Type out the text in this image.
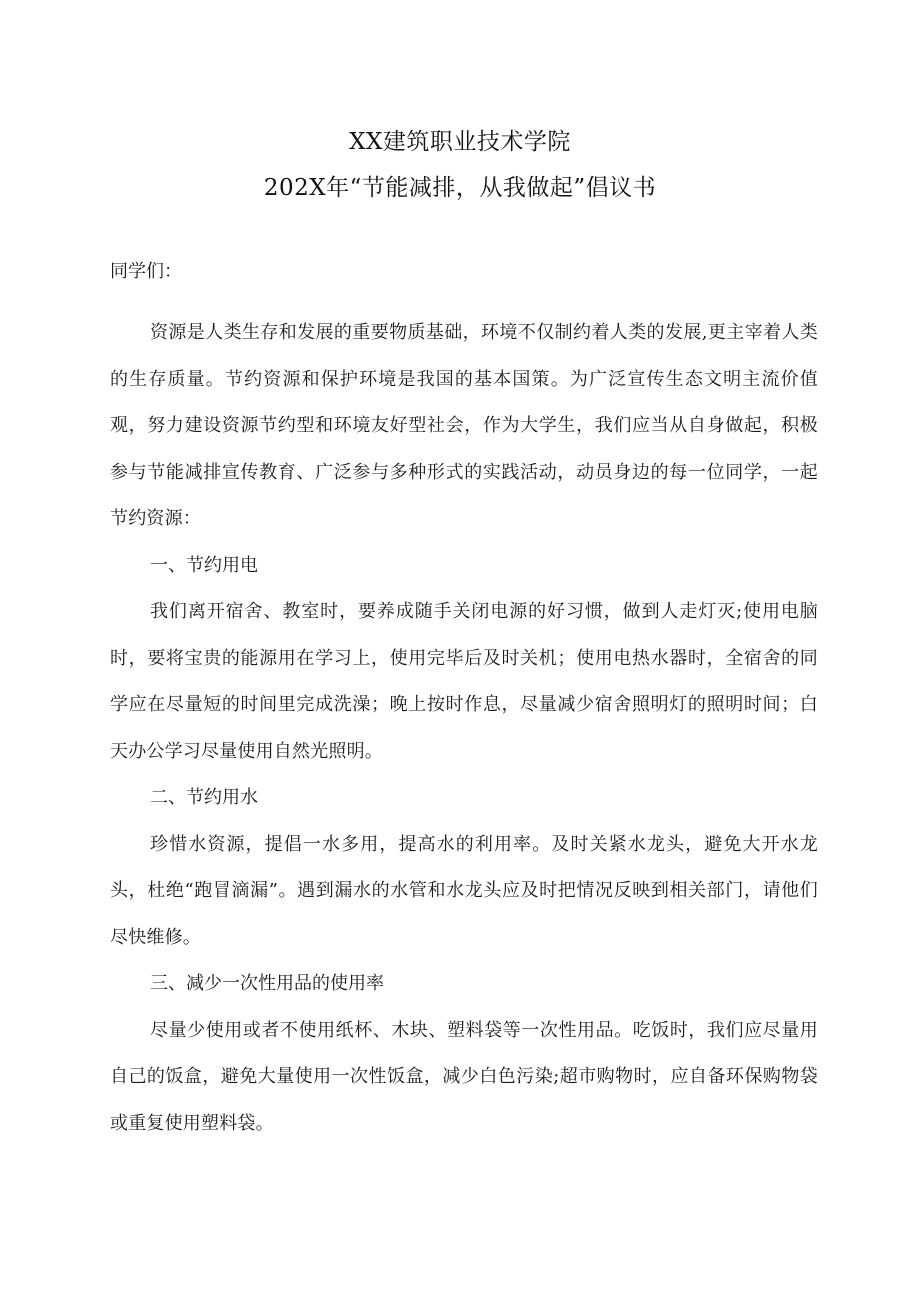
XX建筑职业技术学院
202X年“节能减排，从我做起”倡议书

同学们：

资源是人类生存和发展的重要物质基础，环境不仅制约着人类的发展,更主宰着人类的生存质量。节约资源和保护环境是我国的基本国策。为广泛宣传生态文明主流价值观，努力建设资源节约型和环境友好型社会，作为大学生，我们应当从自身做起，积极参与节能减排宣传教育、广泛参与多种形式的实践活动，动员身边的每一位同学，一起节约资源：

一、节约用电

我们离开宿舍、教室时，要养成随手关闭电源的好习惯，做到人走灯灭;使用电脑时，要将宝贵的能源用在学习上，使用完毕后及时关机；使用电热水器时，全宿舍的同学应在尽量短的时间里完成洗澡；晚上按时作息，尽量减少宿舍照明灯的照明时间；白天办公学习尽量使用自然光照明。

二、节约用水

珍惜水资源，提倡一水多用，提高水的利用率。及时关紧水龙头，避免大开水龙头，杜绝“跑冒滴漏”。遇到漏水的水管和水龙头应及时把情况反映到相关部门，请他们尽快维修。

三、减少一次性用品的使用率

尽量少使用或者不使用纸杯、木块、塑料袋等一次性用品。吃饭时，我们应尽量用自己的饭盒，避免大量使用一次性饭盒，减少白色污染;超市购物时，应自备环保购物袋或重复使用塑料袋。
